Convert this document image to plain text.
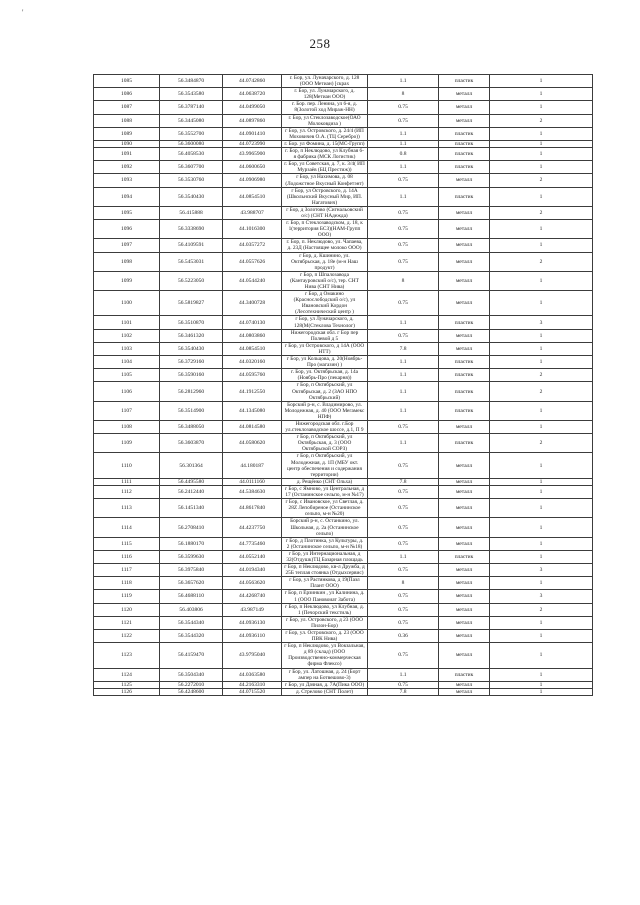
'
258
1085	56.3484870	44.0742860	г. Бор, ул. Луначарского, д. 128 (ООО Метиан) [скраx	1.1	пластик	1
1086	56.3543580	44.0638720	г. Бор, ул. Луначарского, д. 128(Метиан ООО)	8	металл	1
1087	56.3787140	44.0499050	г. Бор. пер. Ленина, ул 6-я, д. 8(Золотой ход Мираж-НН)	0.75	металл	1
1088	56.3445080	44.0897860	г. Бор, ул Стеклозаводское(ОАО Молоковдиза )	0.75	металл	2
1089	56.3552700	44.0901410	г Бор, ул. Островского, д. 24/4 (ИП Моховичев О.А. (ТЦ Серебро))	1.1	пластик	1
1090	56.3600080	44.0723990	г. Бор. ул Фомина, д. 15(МС-Групп)	1.1	пластик	1
1091	56.4058530	43.9965900	г. Бор, п Неклюдово, ул Клубная 6-я фабрика (МСК Логистик)	0.8	пластик	1
1092	56.3607700	44.0600650	г. Бор, ул Советская, д. 7, к. 3/4( ИП Мурзаёв (БЦ Престиж))	1.1	пластик	1
1093	56.3530760	44.0906980	г Бор, ул Нахимова, д. 08 (Лодожстное Вкусный Конфетэнт)	0.75	металл	2
1094	56.3540430	44.0854510	г Бор, ул Островского, д. 14А (Школьнский Вкусный Мир, ИП. Нагатович)	1.1	пластик	1
1095	56.415888	43.988707	г Бор, д Золотово (Сигнальовский о/с) (СНТ НАдежда)	0.75	металл	2
1096	56.3338690	44.1016300	г. Бор, п Стеклозаводском, д. 18, к 1(территория БСЗ)(НАМ-Групп ООО)	0.75	металл	1
1097	56.4109591	44.0357272	г. Бор, п. Неклюдово, ул. Чапаева, д. 23Д (Настоящее молоко ООО)	0.75	металл	1
1098	56.5453031	44.0557626	г Бор, д. Кшинино, ул. Октябрьская, д. 18е (м-н Наш продукт)	0.75	металл	2
1099	56.5223050	44.0544240	г Бор, п Шпалозавода (Кантауровский о/с), тер. СНТ Нива (СНТ Нива)	8	металл	1
1100	56.5819827	44.3400728	г Бор, д Омакино (Краснослободский о/с), ул Ивановский Кордон (Лесотехнический центр )	0.75	металл	1
1101	56.3510870	44.0740130	г Бор, ул Луначарского, д. 128(М(Стеклова Технолог)	1.1	пластик	3
1102	56.3461320	44.0803860	Нижегородская обл. г Бор пер Полевой д 5	0.75	металл	1
1103	56.3540430	44.0854510	г Бор, ул Островского, д 14А (ООО НТТ)	7.8	металл	1
1104	56.3729160	44.0320160	г Бор, ул Кольцова, д. 20(Ноябрь-Про (магазин) )	1.1	пластик	1
1105	56.3590160	44.0595760	г. Бор, ул. Октябрьская, д. 14а (Ноябрь-Про (пекарня))	1.1	пластик	2
1106	56.2812960	44.1912550	г Бор, п Октябрьский, ул Октябрьская, д. 2 (ЗАО НПО Октябрьский)	1.1	пластик	2
1107	56.3514900	44.1345080	Борский р-н, с. Владимирово, ул. Молодежная, д. 40 (ООО Мегамекс НПФ)	1.1	пластик	1
1108	56.3488050	44.0814580	Нижегородская обл. г.Бор ул.стеклозаводское шоссе, д.1, П 9	0.75	металл	1
1109	56.3603870	44.0580620	г Бор, п Октябрьский, ул Октябрьская, д. 3 (ООО Октябрьской СОРЗ)	1.1	пластик	2
1110	56.301364	44.180187	г Бор, п Октябрьский, ул Молодежная, д. 1П (МБУ окт. центр обеспечения и содержания территории)	0.75	металл	1
1111	56.4495580	44.0111160	д. Рещёнко (СНТ Ольха)	7.8	металл	1
1112	56.2412440	44.5384630	г Бор, с Ямново, ул Центральная, д 17 (Останинское сельпо, м-н №17)	0.75	металл	1
1113	56.1451340	44.8617840	г Бор, с Ивановское, ул Светлая, д. 28Z Лепобиреное (Останинское сельпо, м-н №20)	0.75	металл	1
1114	56.2708410	44.4237750	Борский р-н, с. Останкино, ул. Школьная, д. 2а (Останинское сельпо)	0.75	металл	1
1115	56.1880170	44.7735460	г Бор, д Плотинка, ул Культуры, д. 2 (Останинское сельпо, м-н №18)	0.75	металл	1
1116	56.3599630	44.0552140	г Бор, ул Интернациональная, д 32(Отдушк)ТЦ Базарная площадь	1.1	пластик	1
1117	56.3975840	44.0194340	г Бор, п Неклюдово, кв-л Дружба, д 25Б теплая стоянка (Отдыхсервис)	0.75	металл	3
1118	56.3657620	44.0563620	г Бор, ул Растянкова, д 19(Пазл Плант ООО)	8	металл	1
1119	56.4688110	44.4268740	г Бор, п Ерзинкин , ул Калинина, д. 1 (ООО Пановоиат Забота)	0.75	металл	3
1120	56.403806	43.987149	г Бор, п Неклюдово, ул Клубная, д. 1 (Печорский текстиль)	0.75	металл	2
1121	56.3544340	44.0936130	г Бор, ул. Островского, д 23 (ООО Пилон-Бор)	0.75	металл	1
1122	56.3544320	44.0936110	г Бор, ул. Островского, д. 23 (ООО ПВК Нива)	0.36	металл	1
1123	56.4159470	43.9795040	г Бор, п Неклюдово, ул Вокзальная, д 89 (склад) (ООО Производственно-коммерческая фирма Флексо)	0.75	металл	1
1124	56.3504340	44.0363580	г Бор, ул. Латошная, д. 24 (Борт ампер на Ботвешово-3)	1.1	пластик	1
1125	56.2272010	44.2163310	г Бор, ул Дачная, д. 7А(Пика ООО)	0.75	металл	1
1126	56.4248600	44.0715520	д. Стрелово (СНТ Полет)	7.8	металл	1
